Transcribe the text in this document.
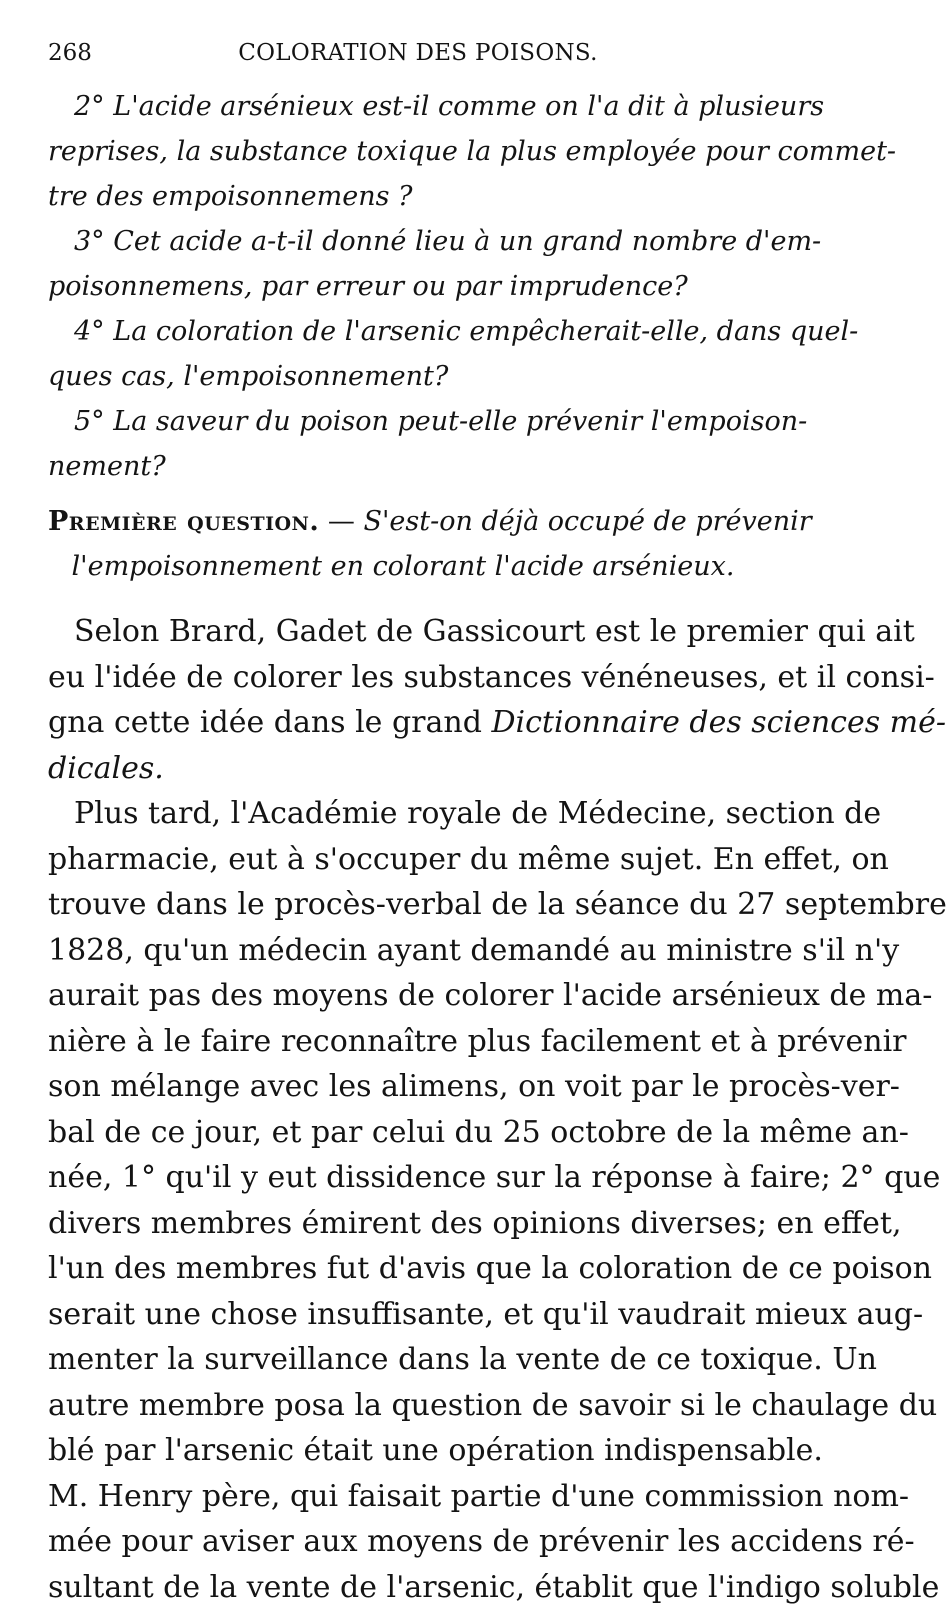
268	COLORATION DES POISONS.
2° L'acide arsénieux est-il comme on l'a dit à plusieurs
reprises, la substance toxique la plus employée pour commet-
tre des empoisonnemens ?
3° Cet acide a-t-il donné lieu à un grand nombre d'em-
poisonnemens, par erreur ou par imprudence?
4° La coloration de l'arsenic empêcherait-elle, dans quel-
ques cas, l'empoisonnement?
5° La saveur du poison peut-elle prévenir l'empoison-
nement?
Première question. — S'est-on déjà occupé de prévenir
l'empoisonnement en colorant l'acide arsénieux.
Selon Brard, Gadet de Gassicourt est le premier qui ait
eu l'idée de colorer les substances vénéneuses, et il consi-
gna cette idée dans le grand Dictionnaire des sciences mé-
dicales.
Plus tard, l'Académie royale de Médecine, section de
pharmacie, eut à s'occuper du même sujet. En effet, on
trouve dans le procès-verbal de la séance du 27 septembre
1828, qu'un médecin ayant demandé au ministre s'il n'y
aurait pas des moyens de colorer l'acide arsénieux de ma-
nière à le faire reconnaître plus facilement et à prévenir
son mélange avec les alimens, on voit par le procès-ver-
bal de ce jour, et par celui du 25 octobre de la même an-
née, 1° qu'il y eut dissidence sur la réponse à faire; 2° que
divers membres émirent des opinions diverses; en effet,
l'un des membres fut d'avis que la coloration de ce poison
serait une chose insuffisante, et qu'il vaudrait mieux aug-
menter la surveillance dans la vente de ce toxique. Un
autre membre posa la question de savoir si le chaulage du
blé par l'arsenic était une opération indispensable.
M. Henry père, qui faisait partie d'une commission nom-
mée pour aviser aux moyens de prévenir les accidens ré-
sultant de la vente de l'arsenic, établit que l'indigo soluble
